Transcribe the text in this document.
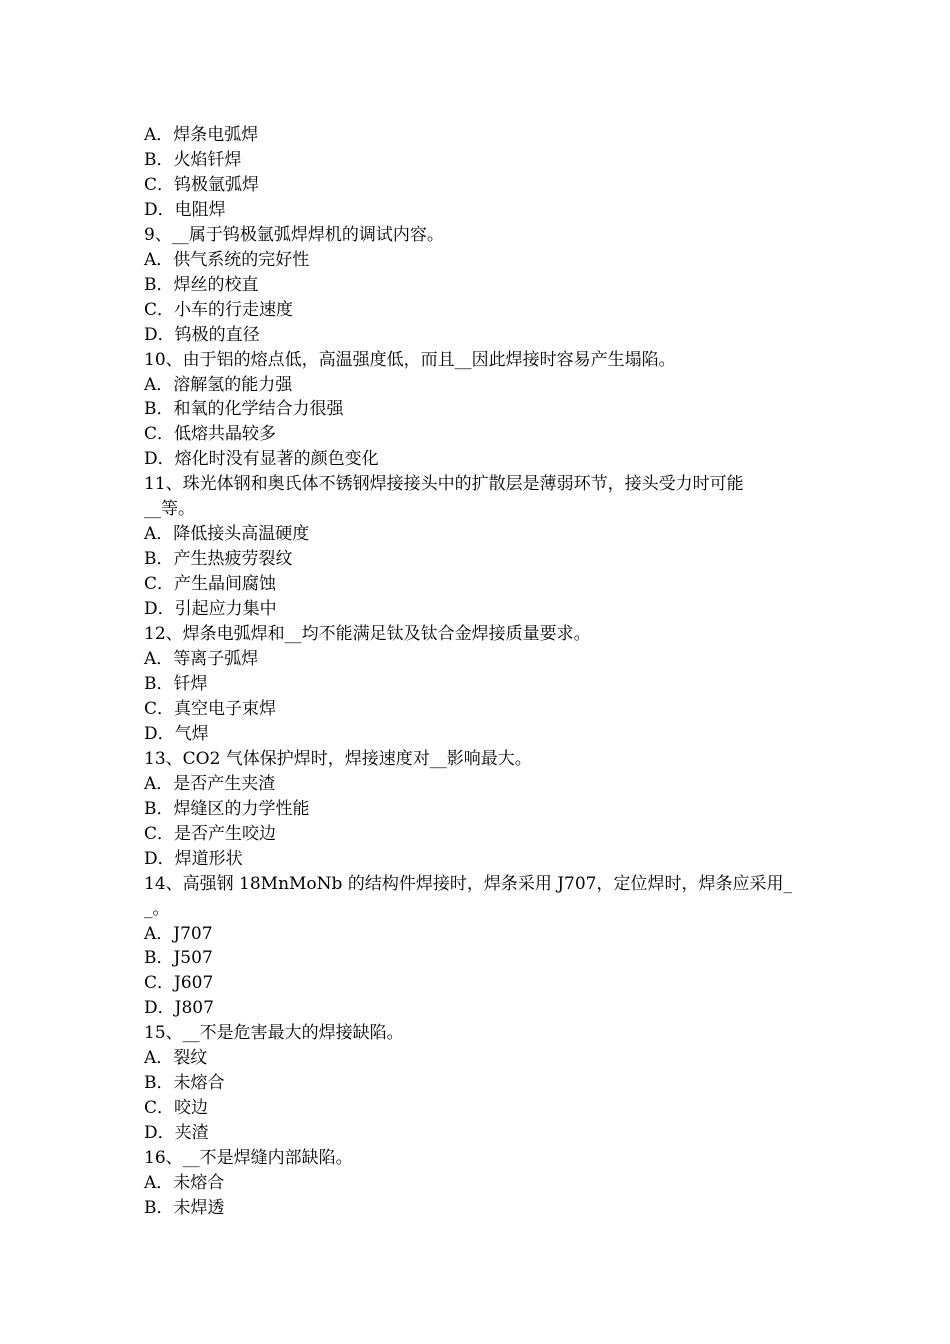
A．焊条电弧焊
B．火焰钎焊
C．钨极氩弧焊
D．电阻焊
9、__属于钨极氩弧焊焊机的调试内容。
A．供气系统的完好性
B．焊丝的校直
C．小车的行走速度
D．钨极的直径
10、由于铝的熔点低，高温强度低，而且__因此焊接时容易产生塌陷。
A．溶解氢的能力强
B．和氧的化学结合力很强
C．低熔共晶较多
D．熔化时没有显著的颜色变化
11、珠光体钢和奥氏体不锈钢焊接接头中的扩散层是薄弱环节，接头受力时可能
__等。
A．降低接头高温硬度
B．产生热疲劳裂纹
C．产生晶间腐蚀
D．引起应力集中
12、焊条电弧焊和__均不能满足钛及钛合金焊接质量要求。
A．等离子弧焊
B．钎焊
C．真空电子束焊
D．气焊
13、CO2 气体保护焊时，焊接速度对__影响最大。
A．是否产生夹渣
B．焊缝区的力学性能
C．是否产生咬边
D．焊道形状
14、高强钢 18MnMoNb 的结构件焊接时，焊条采用 J707，定位焊时，焊条应采用_
_。
A．J707
B．J507
C．J607
D．J807
15、__不是危害最大的焊接缺陷。
A．裂纹
B．未熔合
C．咬边
D．夹渣
16、__不是焊缝内部缺陷。
A．未熔合
B．未焊透
